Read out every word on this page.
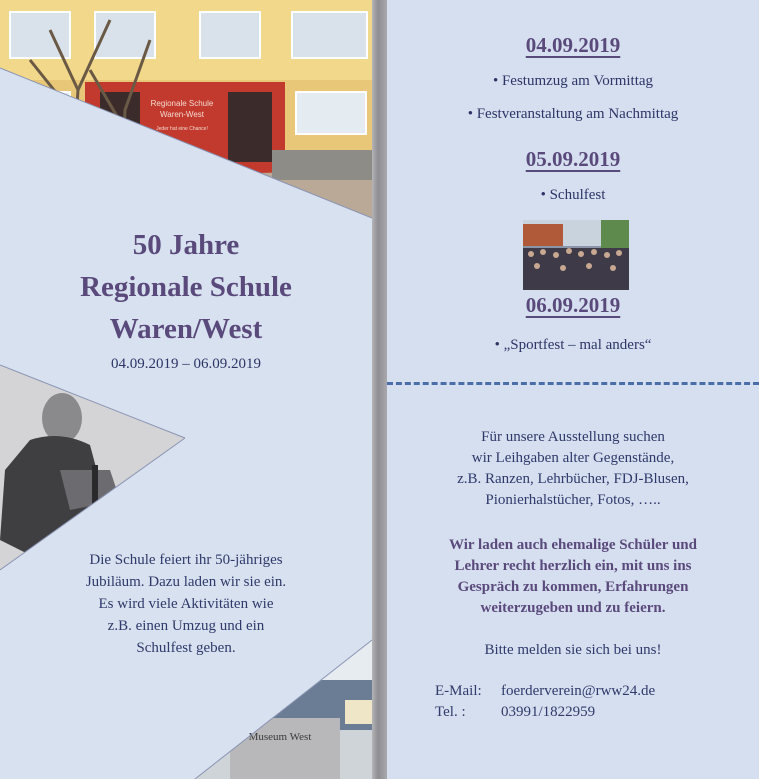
Regionale Schule
Waren-West
Jeder hat eine Chance!
Museum West
50 Jahre
Regionale Schule
Waren/West
04.09.2019 – 06.09.2019
Die Schule feiert ihr 50-jähriges
Jubiläum. Dazu laden wir sie ein.
Es wird viele Aktivitäten wie
z.B. einen Umzug und ein
Schulfest geben.
04.09.2019
• Festumzug am Vormittag
• Festveranstaltung am Nachmittag
05.09.2019
• Schulfest
06.09.2019
• „Sportfest – mal anders“
Für unsere Ausstellung suchen
wir Leihgaben alter Gegenstände,
z.B. Ranzen, Lehrbücher, FDJ-Blusen,
Pionierhalstücher, Fotos, …..
Wir laden auch ehemalige Schüler und
Lehrer recht herzlich ein, mit uns ins
Gespräch zu kommen, Erfahrungen
weiterzugeben und zu feiern.
Bitte melden sie sich bei uns!
E-Mail: foerderverein@rww24.de
Tel. : 03991/1822959
